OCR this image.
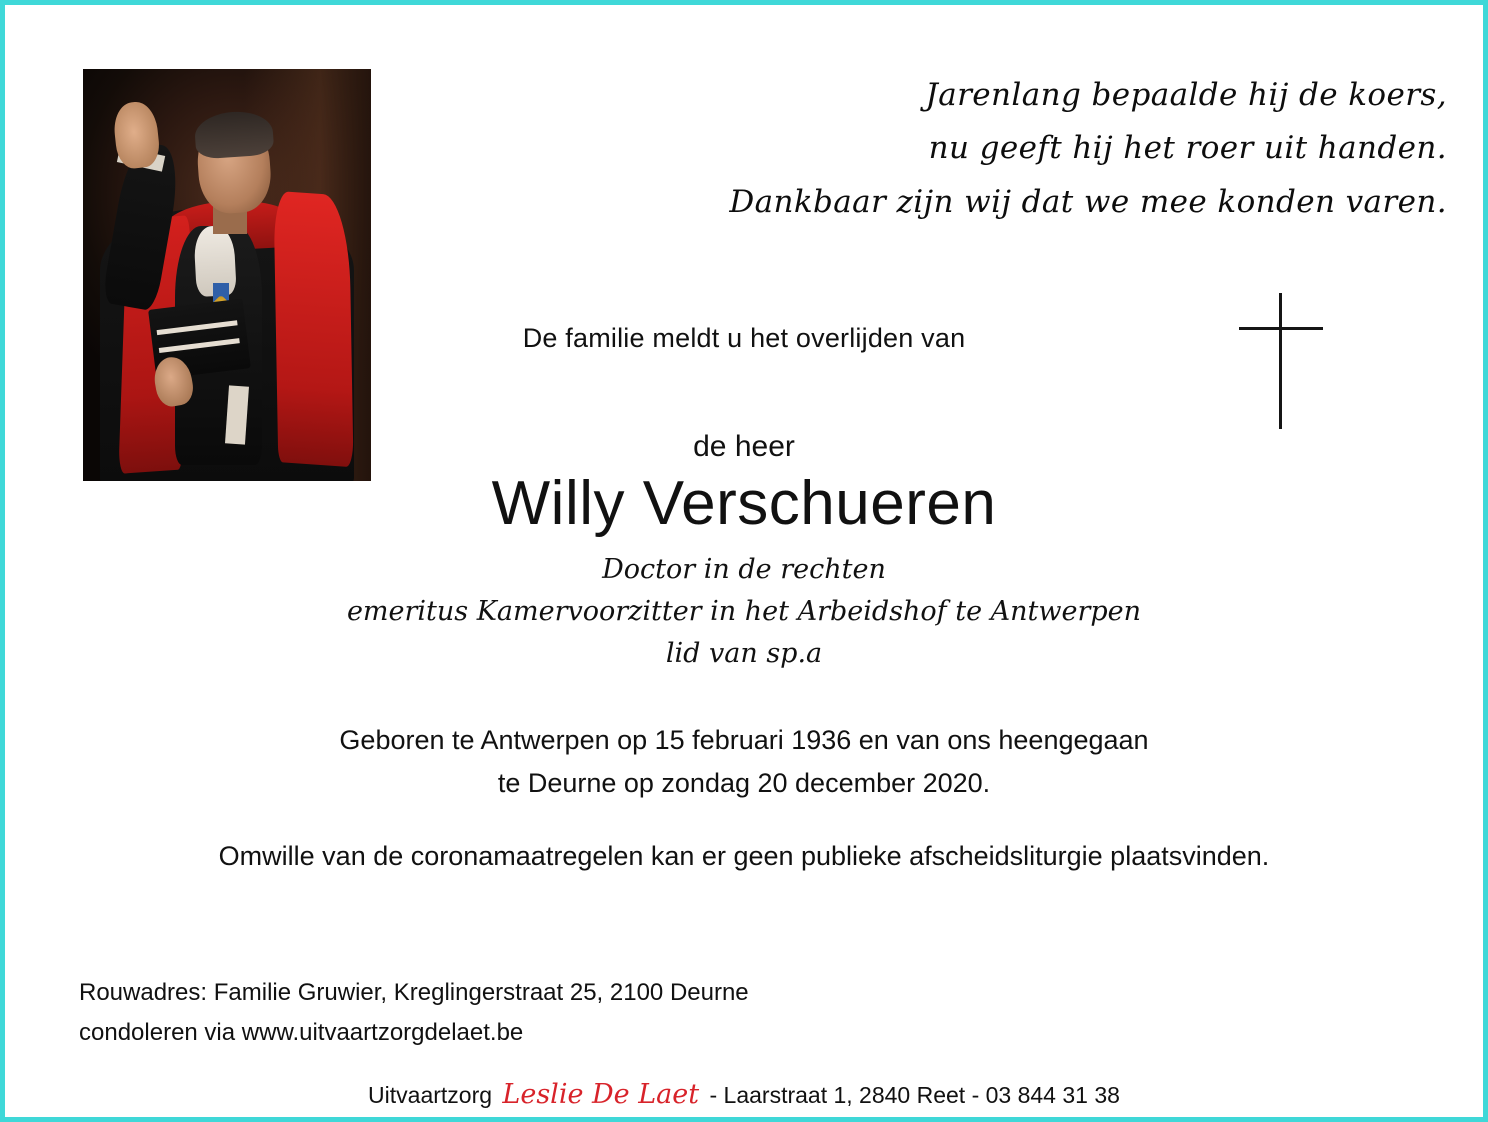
Jarenlang bepaalde hij de koers,
nu geeft hij het roer uit handen.
Dankbaar zijn wij dat we mee konden varen.
De familie meldt u het overlijden van
de heer
Willy Verschueren
Doctor in de rechten
emeritus Kamervoorzitter in het Arbeidshof te Antwerpen
lid van sp.a
Geboren te Antwerpen op 15 februari 1936 en van ons heengegaan
te Deurne op zondag 20 december 2020.
Omwille van de coronamaatregelen kan er geen publieke afscheidsliturgie plaatsvinden.
Rouwadres: Familie Gruwier, Kreglingerstraat 25, 2100 Deurne
condoleren via www.uitvaartzorgdelaet.be
Uitvaartzorg Leslie De Laet - Laarstraat 1, 2840 Reet - 03 844 31 38
